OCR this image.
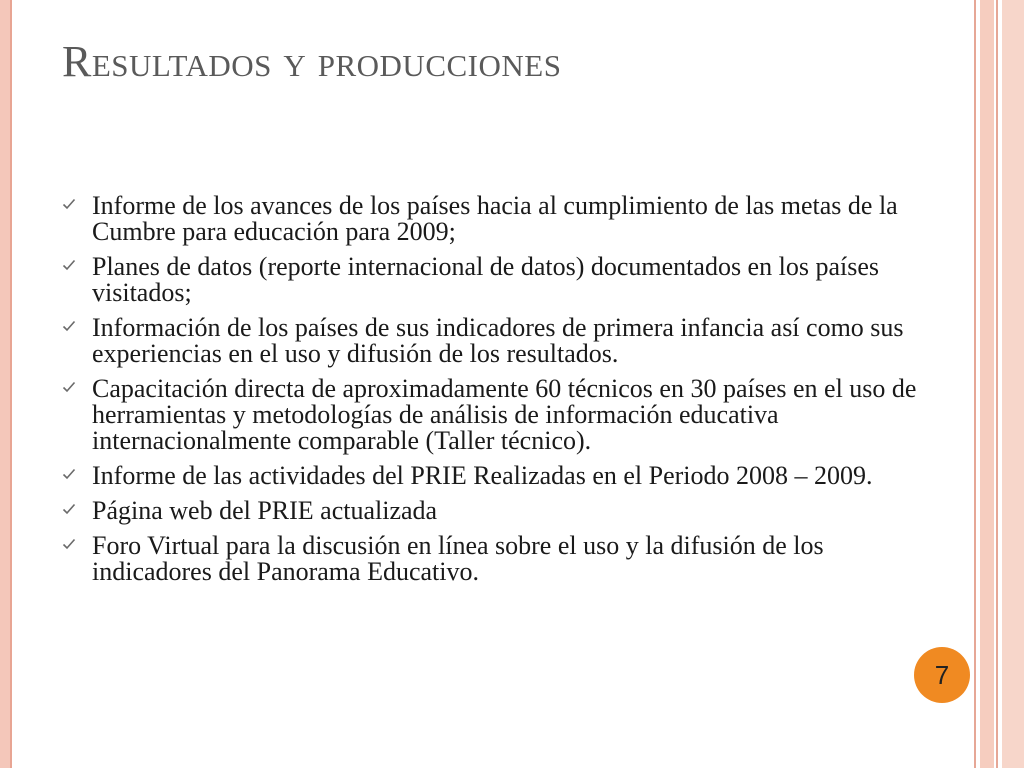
Resultados y producciones
Informe de los avances de los países hacia al cumplimiento de las metas de la Cumbre para educación para 2009;
Planes de datos (reporte internacional de datos) documentados en los países visitados;
Información de los países de sus indicadores de primera infancia así como sus experiencias en el uso y difusión de los resultados.
Capacitación directa de aproximadamente 60 técnicos en 30 países en el uso de herramientas y metodologías de análisis de información educativa internacionalmente comparable (Taller técnico).
Informe de las actividades del PRIE Realizadas en el Periodo 2008 – 2009.
Página web del PRIE actualizada
Foro Virtual para la discusión en línea sobre el uso y la difusión de los indicadores del Panorama Educativo.
7
